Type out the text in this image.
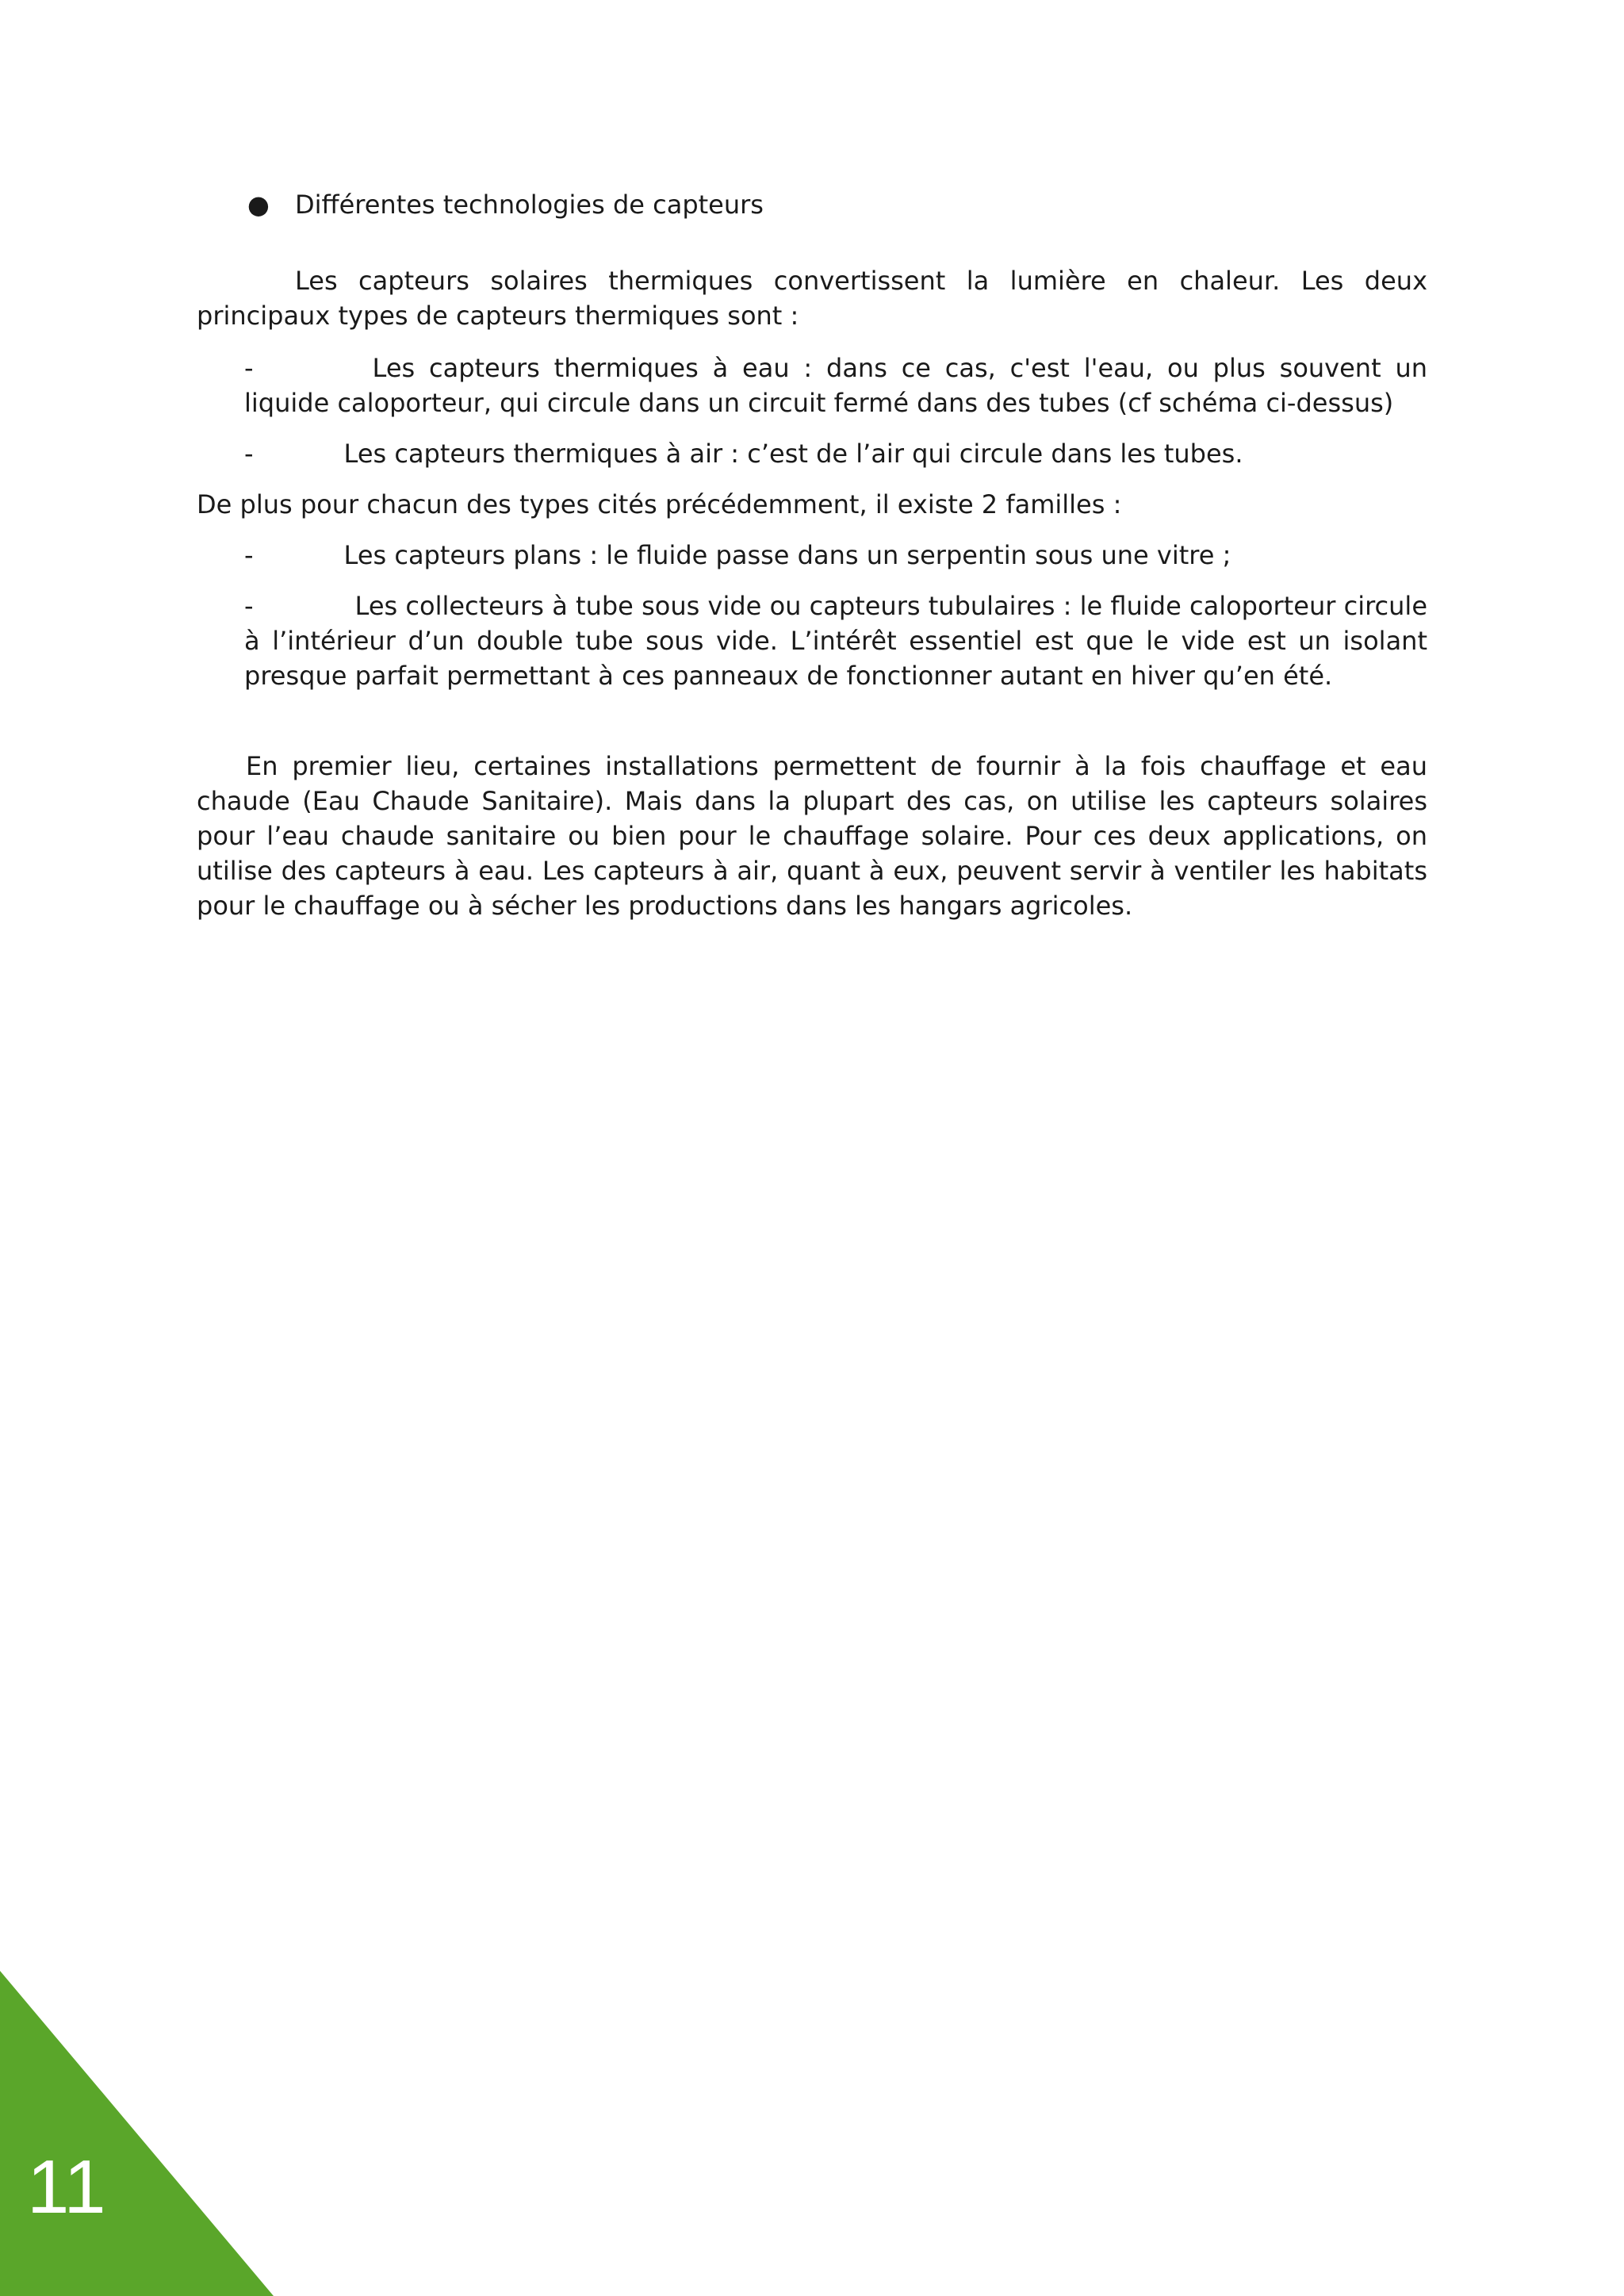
● Différentes technologies de capteurs

Les capteurs solaires thermiques convertissent la lumière en chaleur. Les deux principaux types de capteurs thermiques sont :

-	Les capteurs thermiques à eau : dans ce cas, c'est l'eau, ou plus souvent un liquide caloporteur, qui circule dans un circuit fermé dans des tubes (cf schéma ci-dessus)
-	Les capteurs thermiques à air : c’est de l’air qui circule dans les tubes.

De plus pour chacun des types cités précédemment, il existe 2 familles :

-	Les capteurs plans : le fluide passe dans un serpentin sous une vitre ;
-	Les collecteurs à tube sous vide ou capteurs tubulaires : le fluide caloporteur circule à l’intérieur d’un double tube sous vide. L’intérêt essentiel est que le vide est un isolant presque parfait permettant à ces panneaux de fonctionner autant en hiver qu’en été.

En premier lieu, certaines installations permettent de fournir à la fois chauffage et eau chaude (Eau Chaude Sanitaire). Mais dans la plupart des cas, on utilise les capteurs solaires pour l’eau chaude sanitaire ou bien pour le chauffage solaire. Pour ces deux applications, on utilise des capteurs à eau. Les capteurs à air, quant à eux, peuvent servir à ventiler les habitats pour le chauffage ou à sécher les productions dans les hangars agricoles.

11
